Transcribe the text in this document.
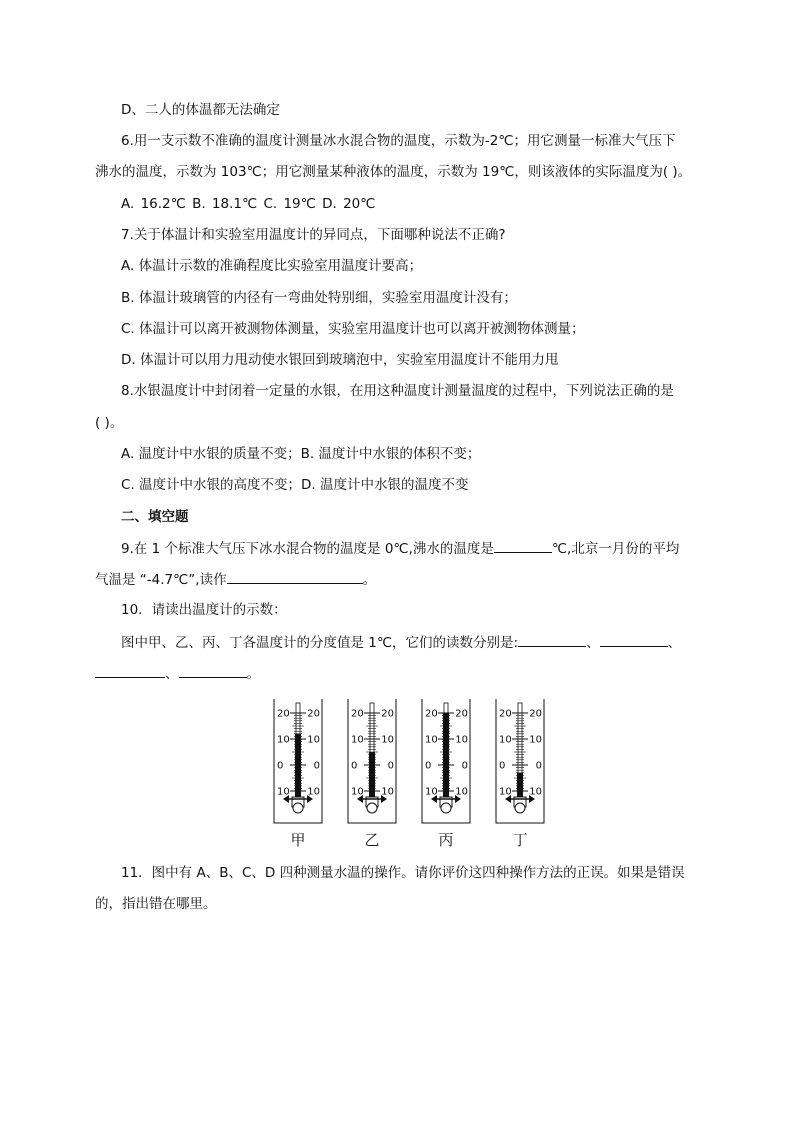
D、二人的体温都无法确定
6.用一支示数不准确的温度计测量冰水混合物的温度，示数为-2℃；用它测量一标准大气压下
沸水的温度，示数为 103℃；用它测量某种液体的温度，示数为 19℃，则该液体的实际温度为( )。
A. 16.2℃ B. 18.1℃ C. 19℃ D. 20℃
7.关于体温计和实验室用温度计的异同点，下面哪种说法不正确?
A. 体温计示数的准确程度比实验室用温度计要高；
B. 体温计玻璃管的内径有一弯曲处特别细，实验室用温度计没有；
C. 体温计可以离开被测物体测量，实验室用温度计也可以离开被测物体测量；
D. 体温计可以用力甩动使水银回到玻璃泡中，实验室用温度计不能用力甩
8.水银温度计中封闭着一定量的水银，在用这种温度计测量温度的过程中，下列说法正确的是
( )。
A. 温度计中水银的质量不变；B. 温度计中水银的体积不变；
C. 温度计中水银的高度不变；D. 温度计中水银的温度不变
二、填空题
9.在 1 个标准大气压下冰水混合物的温度是 0℃,沸水的温度是	℃,北京一月份的平均
气温是 “-4.7℃”,读作	。
10．请读出温度计的示数：
图中甲、乙、丙、丁各温度计的分度值是 1℃，它们的读数分别是:	、	、
、	。
20 20
10 10
0	0
10 10
甲
20 20
10 10
0	0
10 10
乙
20 20
10 10
0	0
10 10
丙
20 20
10 10
0	0
10 10
丁
11．图中有 A、B、C、D 四种测量水温的操作。请你评价这四种操作方法的正误。如果是错误
的，指出错在哪里。
